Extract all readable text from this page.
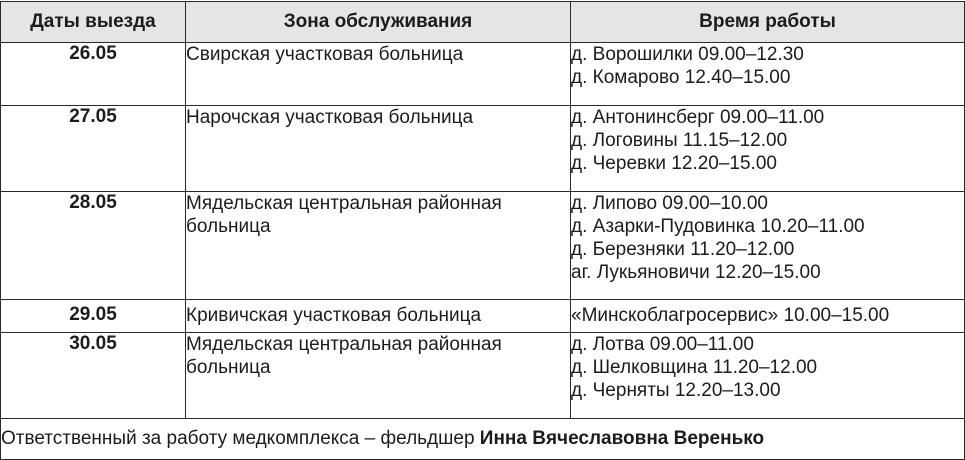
Даты выезда	Зона обслуживания	Время работы
26.05	Свирская участковая больница	д. Ворошилки 09.00–12.30
д. Комарово 12.40–15.00

27.05	Нарочская участковая больница	д. Антонинсберг 09.00–11.00
д. Логовины 11.15–12.00
д. Черевки 12.20–15.00

28.05	Мядельская центральная районная больница	д. Липово 09.00–10.00
д. Азарки-Пудовинка 10.20–11.00
д. Березняки 11.20–12.00
аг. Лукьяновичи 12.20–15.00

29.05	Кривичская участковая больница	«Минскоблагросервис» 10.00–15.00

30.05	Мядельская центральная районная больница	д. Лотва 09.00–11.00
д. Шелковщина 11.20–12.00
д. Черняты 12.20–13.00

Ответственный за работу медкомплекса – фельдшер Инна Вячеславовна Веренько		
